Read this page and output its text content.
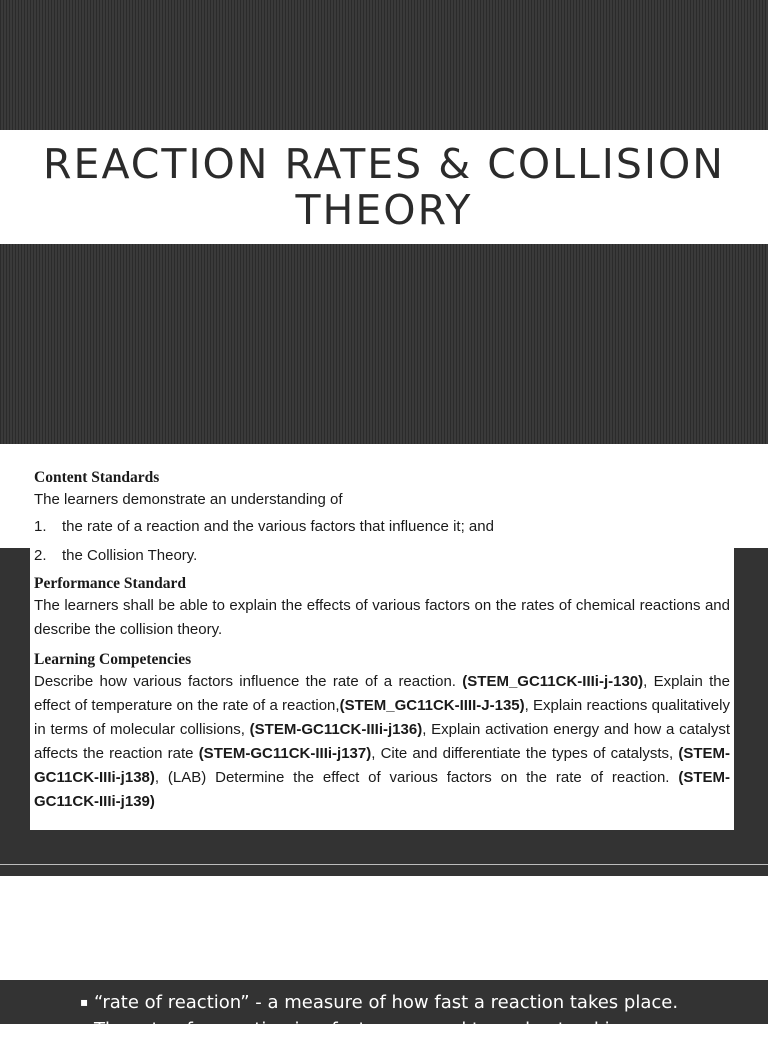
REACTION RATES & COLLISION THEORY
Content Standards
The learners demonstrate an understanding of
1.	the rate of a reaction and the various factors that influence it; and
2.	the Collision Theory.
Performance Standard
The learners shall be able to explain the effects of various factors on the rates of chemical reactions and describe the collision theory.
Learning Competencies
Describe how various factors influence the rate of a reaction. (STEM_GC11CK-IIIi-j-130), Explain the effect of temperature on the rate of a reaction,(STEM_GC11CK-IIII-J-135), Explain reactions qualitatively in terms of molecular collisions, (STEM-GC11CK-IIIi-j136), Explain activation energy and how a catalyst affects the reaction rate (STEM-GC11CK-IIIi-j137), Cite and differentiate the types of catalysts, (STEM-GC11CK-IIIi-j138), (LAB) Determine the effect of various factors on the rate of reaction. (STEM-GC11CK-IIIi-j139)
▪ “rate of reaction” - a measure of how fast a reaction takes place.
▪ The rate of a reaction is a factor we need to understand in
